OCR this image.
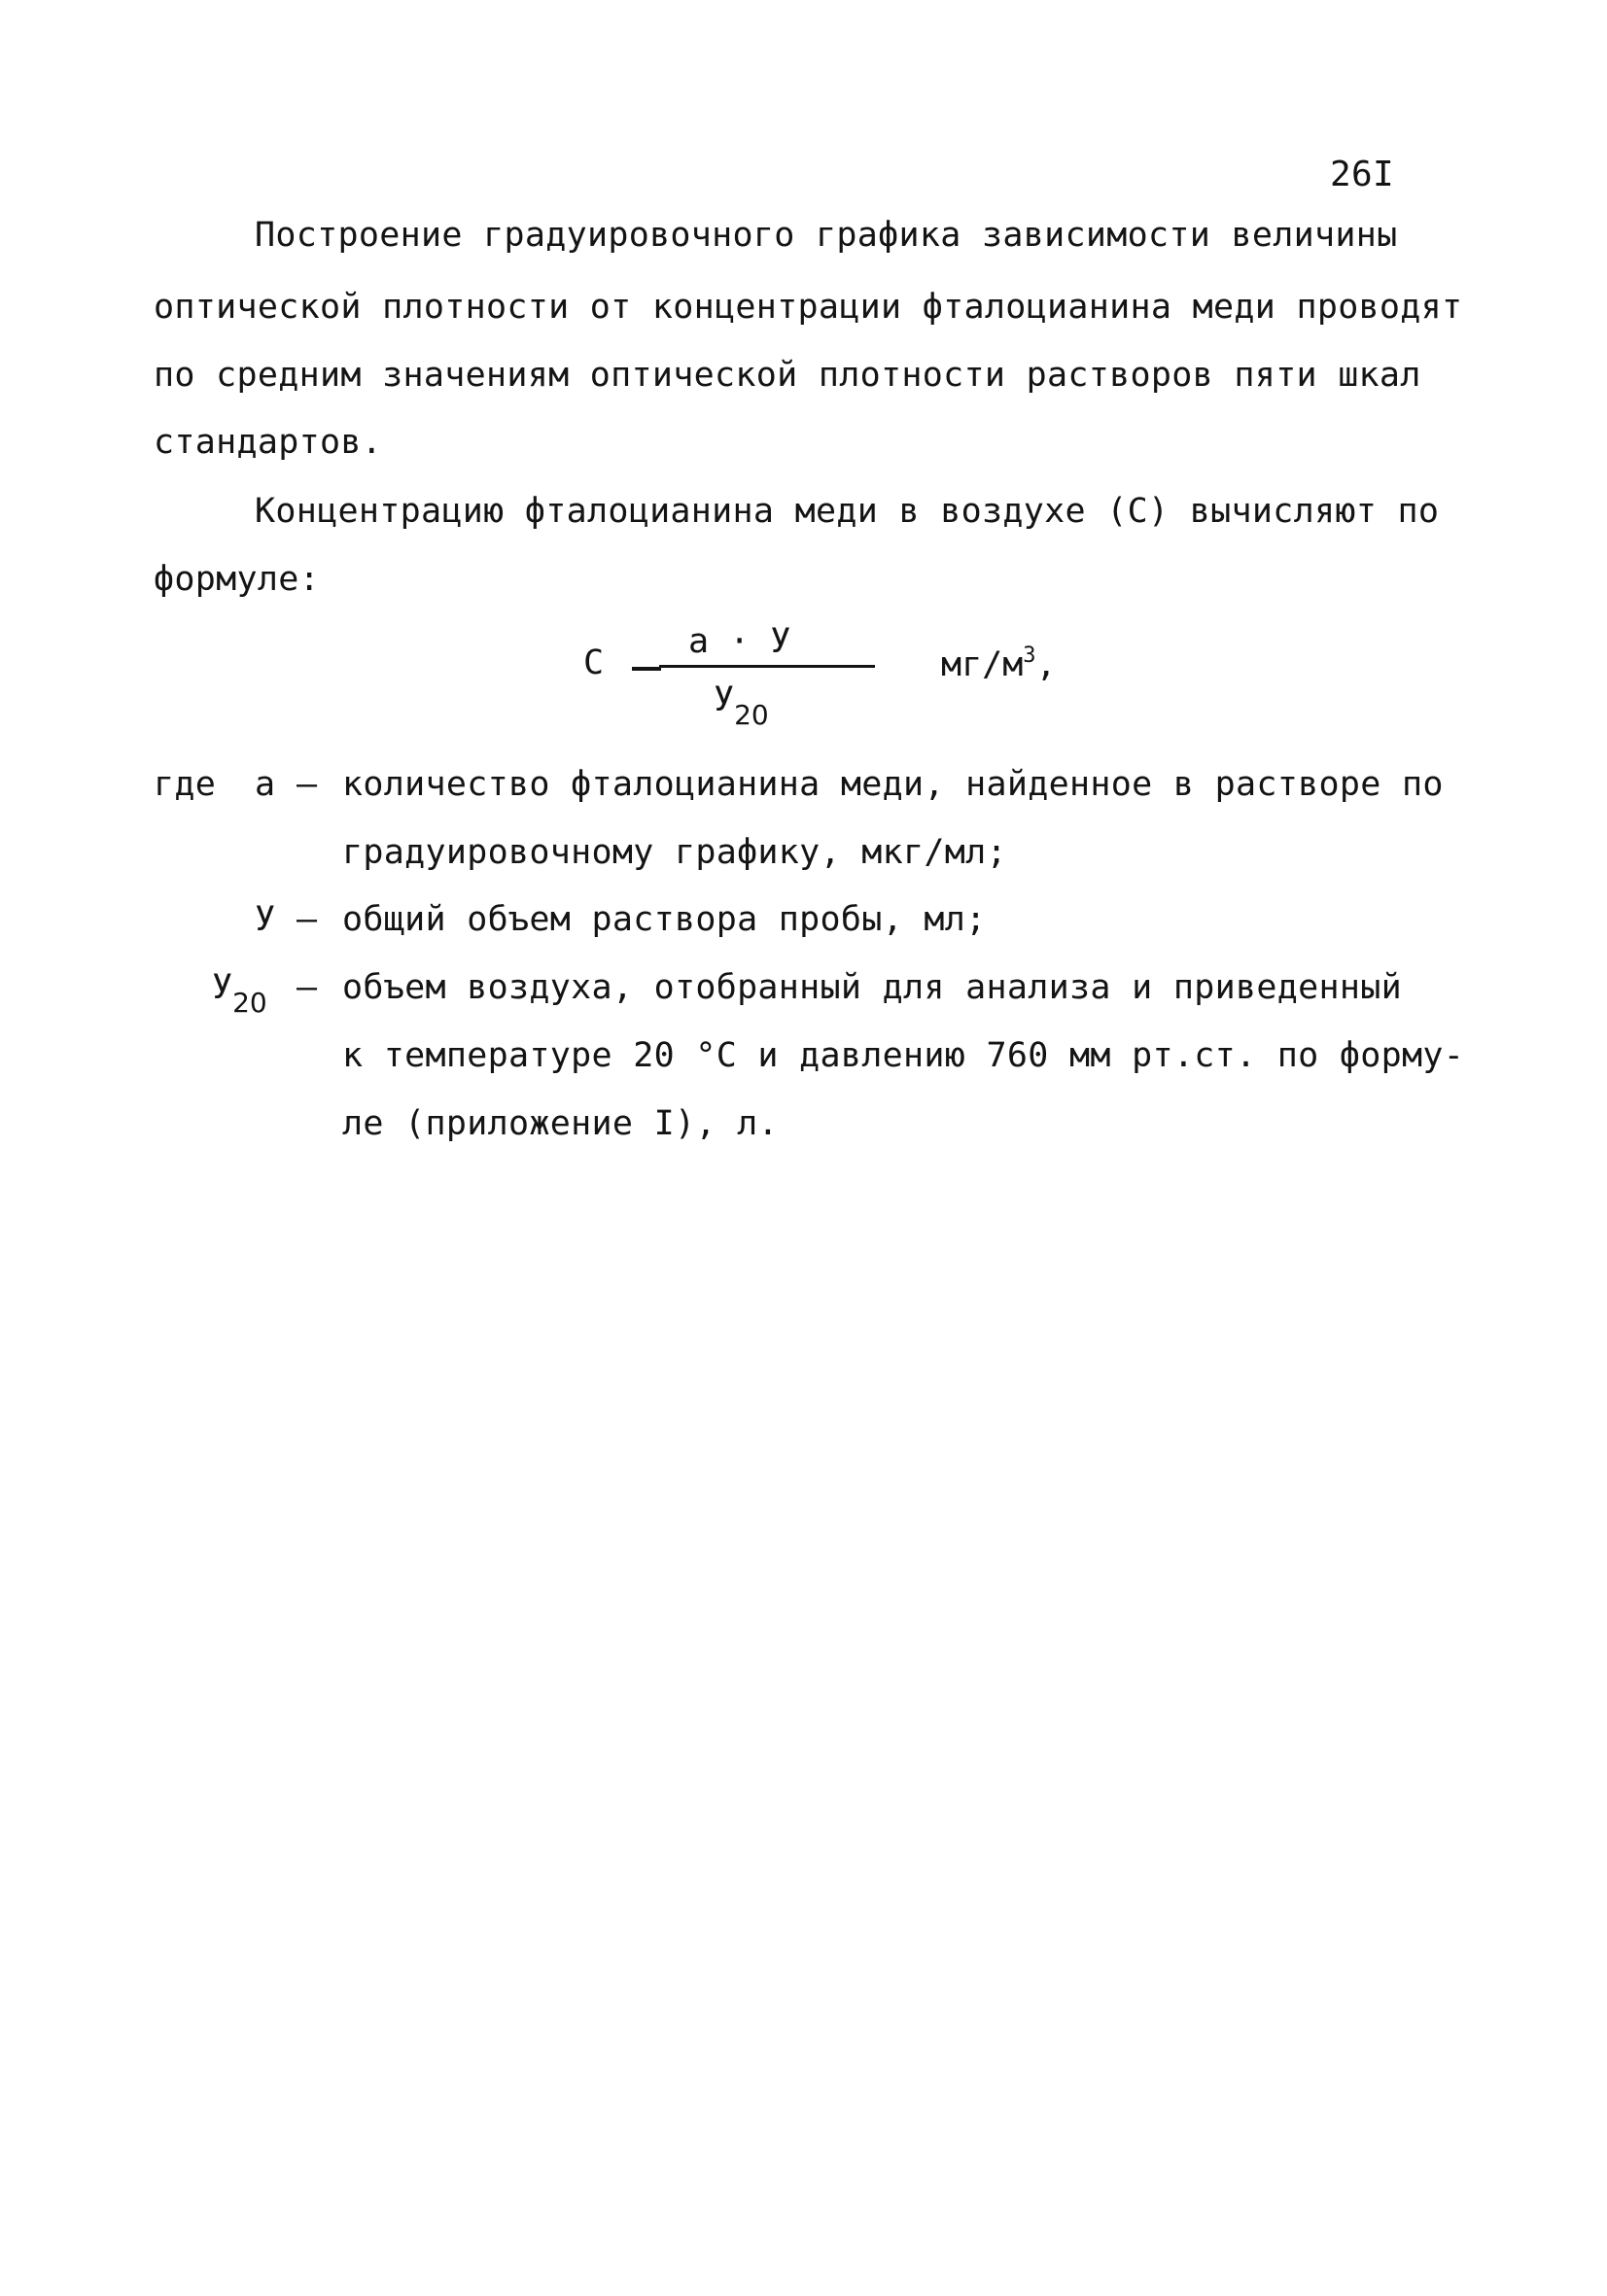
26I
Построение градуировочного графика зависимости величины
оптической плотности от концентрации фталоцианина меди проводят
по средним значениям оптической плотности растворов пяти шкал
стандартов.
Концентрацию фталоцианина меди в воздухе (С) вычисляют по
формуле:
С
а · У
$У_{20}$
$мг/м^3$,
где а – количество фталоцианина меди, найденное в растворе по
градуировочному графику, мкг/мл;
У – общий объем раствора пробы, мл;
$У_{20}$ – объем воздуха, отобранный для анализа и приведенный
к температуре 20 °С и давлению 760 мм рт.ст. по форму-
ле (приложение I), л.
